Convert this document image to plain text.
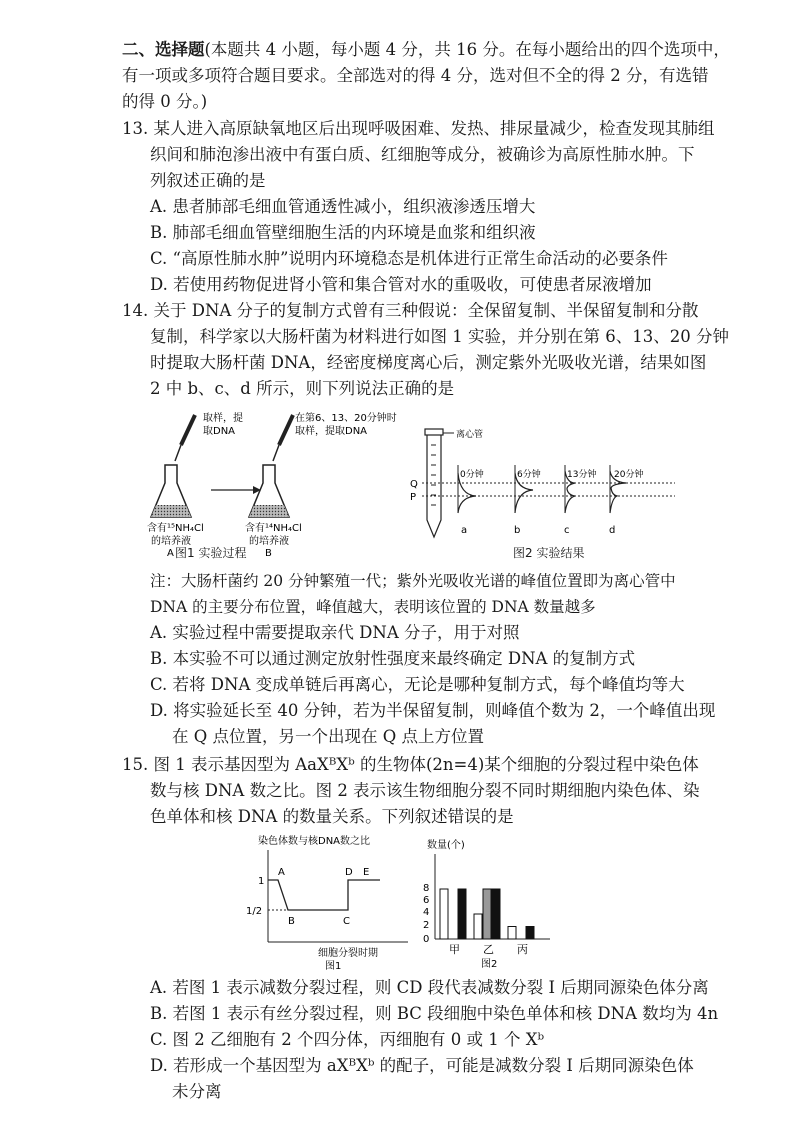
二、选择题(本题共 4 小题，每小题 4 分，共 16 分。在每小题给出的四个选项中，
有一项或多项符合题目要求。全部选对的得 4 分，选对但不全的得 2 分，有选错
的得 0 分。)
13. 某人进入高原缺氧地区后出现呼吸困难、发热、排尿量减少，检查发现其肺组
织间和肺泡渗出液中有蛋白质、红细胞等成分，被确诊为高原性肺水肿。下
列叙述正确的是
A. 患者肺部毛细血管通透性减小，组织液渗透压增大
B. 肺部毛细血管壁细胞生活的内环境是血浆和组织液
C. “高原性肺水肿”说明内环境稳态是机体进行正常生命活动的必要条件
D. 若使用药物促进肾小管和集合管对水的重吸收，可使患者尿液增加
14. 关于 DNA 分子的复制方式曾有三种假说：全保留复制、半保留复制和分散
复制，科学家以大肠杆菌为材料进行如图 1 实验，并分别在第 6、13、20 分钟
时提取大肠杆菌 DNA，经密度梯度离心后，测定紫外光吸收光谱，结果如图
2 中 b、c、d 所示，则下列说法正确的是
取样，提
取DNA
含有¹⁵NH₄Cl
的培养液
A
在第6、13、20分钟时
取样，提取DNA
含有¹⁴NH₄Cl
的培养液
B
图1 实验过程
离心管
Q
P
0分钟	6分钟	13分钟 20分钟
a	b	c	d
图2 实验结果
注：大肠杆菌约 20 分钟繁殖一代；紫外光吸收光谱的峰值位置即为离心管中
DNA 的主要分布位置，峰值越大，表明该位置的 DNA 数量越多
A. 实验过程中需要提取亲代 DNA 分子，用于对照
B. 本实验不可以通过测定放射性强度来最终确定 DNA 的复制方式
C. 若将 DNA 变成单链后再离心，无论是哪种复制方式，每个峰值均等大
D. 将实验延长至 40 分钟，若为半保留复制，则峰值个数为 2，一个峰值出现
在 Q 点位置，另一个出现在 Q 点上方位置
15. 图 1 表示基因型为 AaXᴮXᵇ 的生物体(2n=4)某个细胞的分裂过程中染色体
数与核 DNA 数之比。图 2 表示该生物细胞分裂不同时期细胞内染色体、染
色单体和核 DNA 的数量关系。下列叙述错误的是
染色体数与核DNA数之比
1
1/2
A
B	C
D E
细胞分裂时期
图1
数量(个)
8
6
4
2
0
甲 乙 丙
图2
A. 若图 1 表示减数分裂过程，则 CD 段代表减数分裂 Ⅰ 后期同源染色体分离
B. 若图 1 表示有丝分裂过程，则 BC 段细胞中染色单体和核 DNA 数均为 4n
C. 图 2 乙细胞有 2 个四分体，丙细胞有 0 或 1 个 Xᵇ
D. 若形成一个基因型为 aXᴮXᵇ 的配子，可能是减数分裂 Ⅰ 后期同源染色体
未分离
